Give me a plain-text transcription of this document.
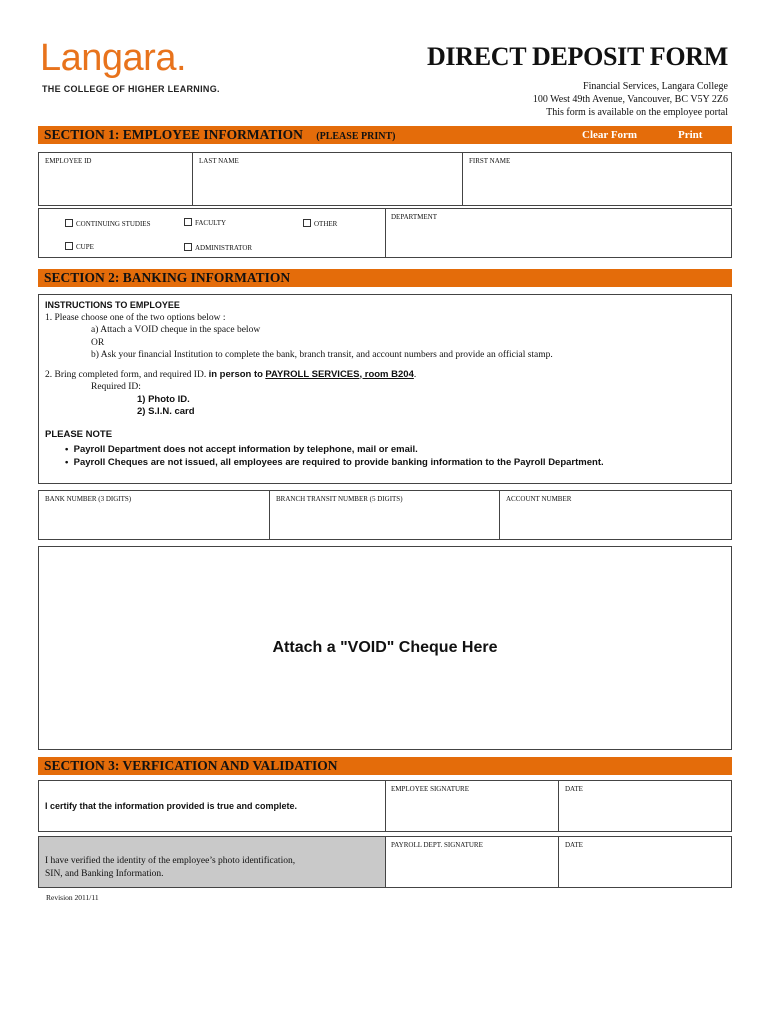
Langara.
THE COLLEGE OF HIGHER LEARNING.
DIRECT DEPOSIT FORM
Financial Services, Langara College
100 West 49th Avenue, Vancouver, BC V5Y 2Z6
This form is available on the employee portal
SECTION 1: EMPLOYEE INFORMATION (PLEASE PRINT)	Clear Form	Print
EMPLOYEE ID	LAST NAME	FIRST NAME
CONTINUING STUDIES	FACULTY	OTHER
CUPE	ADMINISTRATOR
DEPARTMENT
SECTION 2: BANKING INFORMATION
INSTRUCTIONS TO EMPLOYEE
1. Please choose one of the two options below :
a) Attach a VOID cheque in the space below
OR
b) Ask your financial Institution to complete the bank, branch transit, and account numbers and provide an official stamp.
2. Bring completed form, and required ID. in person to PAYROLL SERVICES, room B204.
Required ID:
1) Photo ID.
2) S.I.N. card
PLEASE NOTE
•  Payroll Department does not accept information by telephone, mail or email.
•  Payroll Cheques are not issued, all employees are required to provide banking information to the Payroll Department.
BANK NUMBER (3 DIGITS)	BRANCH TRANSIT NUMBER (5 DIGITS)	ACCOUNT NUMBER
Attach a "VOID" Cheque Here
SECTION 3: VERFICATION AND VALIDATION
I certify that the information provided is true and complete.
EMPLOYEE SIGNATURE	DATE
I have verified the identity of the employee’s photo identification,
SIN, and Banking Information.
PAYROLL DEPT. SIGNATURE	DATE
Revision 2011/11
